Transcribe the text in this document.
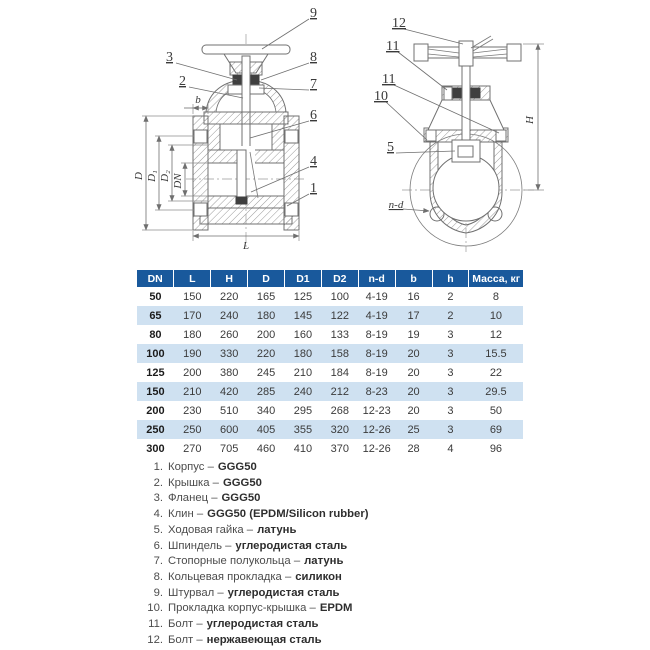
D D₁ D₂ DN
b
L
9
8
7
6
4
1
3
2
H
n-d
12
11
11
10
5
DN	L	H	D	D1	D2	n-d	b	h	Масса, кг
50	150	220	165	125	100	4-19	16	2	8
65	170	240	180	145	122	4-19	17	2	10
80	180	260	200	160	133	8-19	19	3	12
100	190	330	220	180	158	8-19	20	3	15.5
125	200	380	245	210	184	8-19	20	3	22
150	210	420	285	240	212	8-23	20	3	29.5
200	230	510	340	295	268	12-23	20	3	50
250	250	600	405	355	320	12-26	25	3	69
300	270	705	460	410	370	12-26	28	4	96
1. Корпус – GGG50
2. Крышка – GGG50
3. Фланец – GGG50
4. Клин – GGG50 (EPDM/Silicon rubber)
5. Ходовая гайка – латунь
6. Шпиндель – углеродистая сталь
7. Стопорные полукольца – латунь
8. Кольцевая прокладка – силикон
9. Штурвал – углеродистая сталь
10. Прокладка корпус-крышка – EPDM
11. Болт – углеродистая сталь
12. Болт – нержавеющая сталь
